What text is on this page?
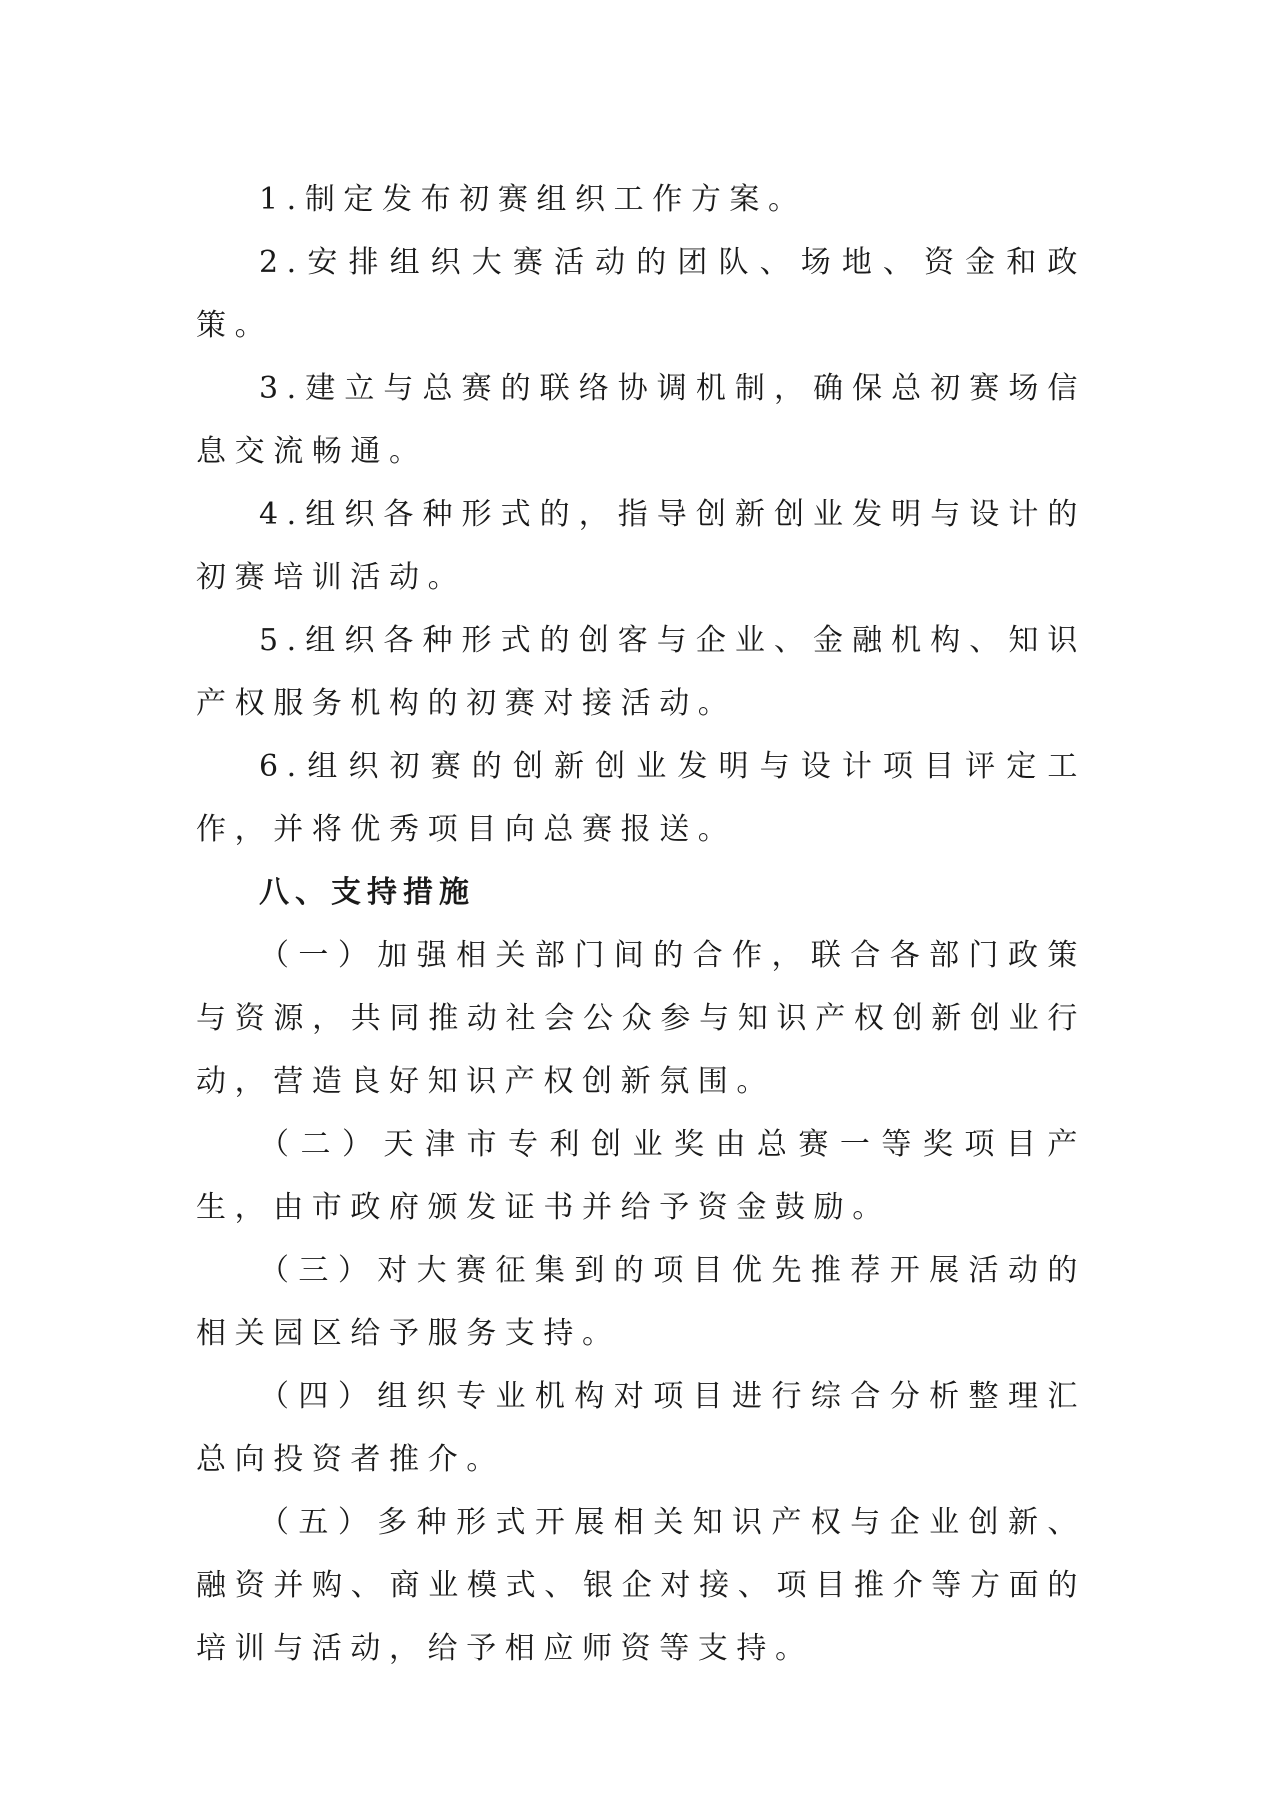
1.制定发布初赛组织工作方案。

2.安排组织大赛活动的团队、场地、资金和政策。

3.建立与总赛的联络协调机制，确保总初赛场信息交流畅通。

4.组织各种形式的，指导创新创业发明与设计的初赛培训活动。

5.组织各种形式的创客与企业、金融机构、知识产权服务机构的初赛对接活动。

6.组织初赛的创新创业发明与设计项目评定工作，并将优秀项目向总赛报送。

八、支持措施

（一）加强相关部门间的合作，联合各部门政策与资源，共同推动社会公众参与知识产权创新创业行动，营造良好知识产权创新氛围。

（二）天津市专利创业奖由总赛一等奖项目产生，由市政府颁发证书并给予资金鼓励。

（三）对大赛征集到的项目优先推荐开展活动的相关园区给予服务支持。

（四）组织专业机构对项目进行综合分析整理汇总向投资者推介。

（五）多种形式开展相关知识产权与企业创新、融资并购、商业模式、银企对接、项目推介等方面的培训与活动，给予相应师资等支持。
